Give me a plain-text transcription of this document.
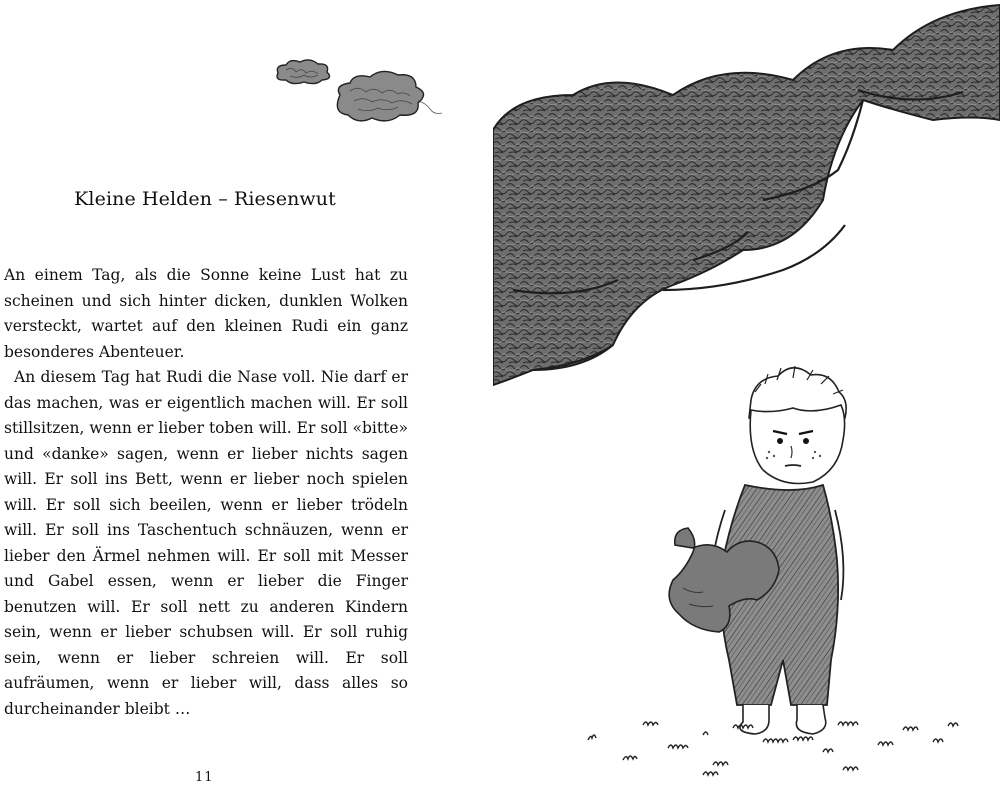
Kleine Helden – Riesenwut

An einem Tag, als die Sonne keine Lust hat zu scheinen und sich hinter dicken, dunklen Wolken versteckt, wartet auf den kleinen Rudi ein ganz besonderes Abenteuer.

An diesem Tag hat Rudi die Nase voll. Nie darf er das machen, was er eigentlich machen will. Er soll stillsitzen, wenn er lieber toben will. Er soll «bitte» und «danke» sagen, wenn er lieber nichts sagen will. Er soll ins Bett, wenn er lieber noch spielen will. Er soll sich beeilen, wenn er lieber trödeln will. Er soll ins Taschentuch schnäuzen, wenn er lieber den Ärmel nehmen will. Er soll mit Messer und Gabel essen, wenn er lieber die Finger benutzen will. Er soll nett zu anderen Kindern sein, wenn er lieber schubsen will. Er soll ruhig sein, wenn er lieber schreien will. Er soll aufräumen, wenn er lieber will, dass alles so durcheinander bleibt …

11
